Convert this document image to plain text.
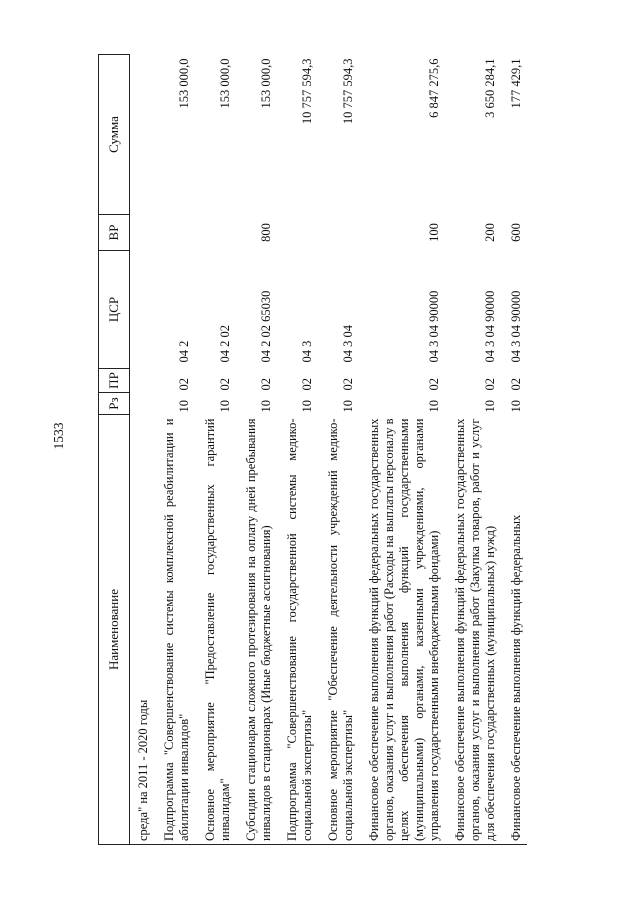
1533
Наименование	Рз	ПР	ЦСР	ВР	Сумма
среда" на 2011 - 2020 годы					

Подпрограмма "Совершенствование системы комплексной реабилитации и абилитации инвалидов"	10	02	04 2		153 000,0

Основное мероприятие "Предоставление государственных гарантий инвалидам"	10	02	04 2 02		153 000,0

Субсидии стационарам сложного протезирования на оплату дней пребывания инвалидов в стационарах (Иные бюджетные ассигнования)	10	02	04 2 02 65030	800	153 000,0

Подпрограмма "Совершенствование государственной системы медико-социальной экспертизы"	10	02	04 3		10 757 594,3

Основное мероприятие "Обеспечение деятельности учреждений медико-социальной экспертизы"	10	02	04 3 04		10 757 594,3

Финансовое обеспечение выполнения функций федеральных государственных органов, оказания услуг и выполнения работ (Расходы на выплаты персоналу в целях обеспечения выполнения функций государственными (муниципальными) органами, казенными учреждениями, органами управления государственными внебюджетными фондами)	10	02	04 3 04 90000	100	6 847 275,6

Финансовое обеспечение выполнения функций федеральных государственных органов, оказания услуг и выполнения работ (Закупка товаров, работ и услуг для обеспечения государственных (муниципальных) нужд)	10	02	04 3 04 90000	200	3 650 284,1

Финансовое обеспечение выполнения функций федеральных	10	02	04 3 04 90000	600	177 429,1
